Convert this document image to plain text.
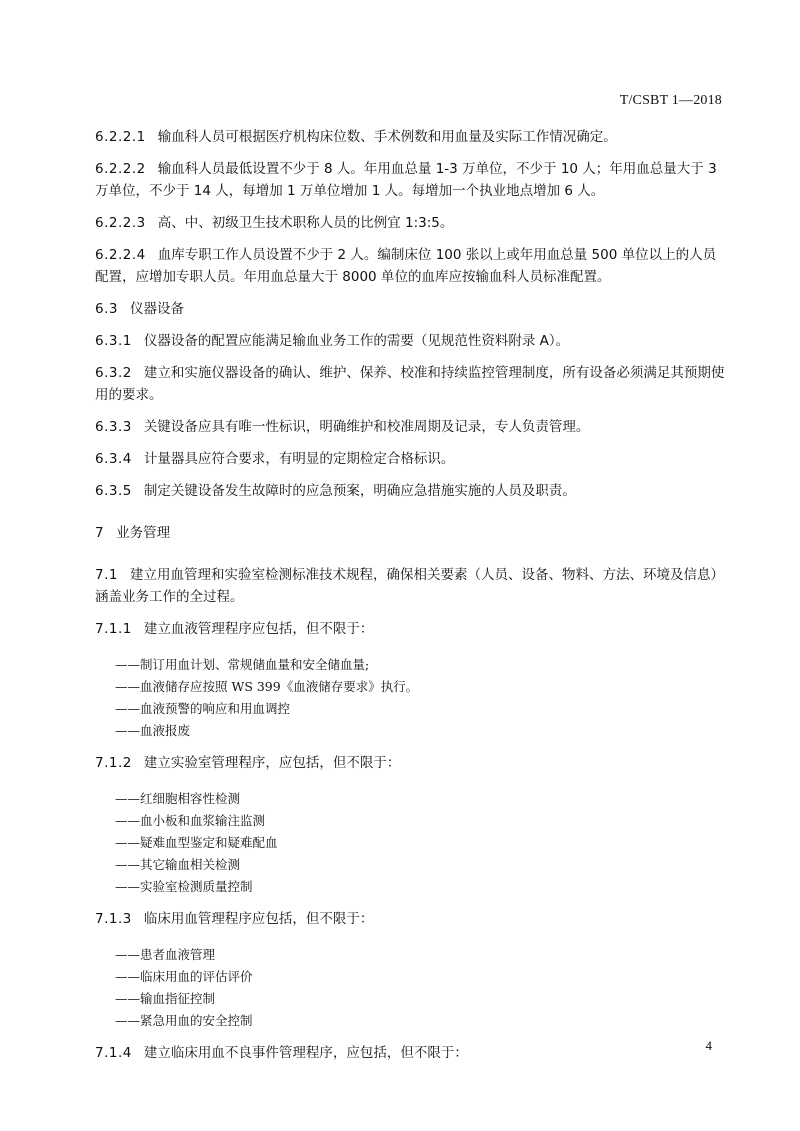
T/CSBT 1—2018

6.2.2.1 输血科人员可根据医疗机构床位数、手术例数和用血量及实际工作情况确定。

6.2.2.2 输血科人员最低设置不少于 8 人。年用血总量 1-3 万单位，不少于 10 人；年用血总量大于 3 万单位，不少于 14 人，每增加 1 万单位增加 1 人。每增加一个执业地点增加 6 人。

6.2.2.3 高、中、初级卫生技术职称人员的比例宜 1:3:5。

6.2.2.4 血库专职工作人员设置不少于 2 人。编制床位 100 张以上或年用血总量 500 单位以上的人员配置，应增加专职人员。年用血总量大于 8000 单位的血库应按输血科人员标准配置。

6.3 仪器设备

6.3.1 仪器设备的配置应能满足输血业务工作的需要（见规范性资料附录 A）。

6.3.2 建立和实施仪器设备的确认、维护、保养、校准和持续监控管理制度，所有设备必须满足其预期使用的要求。

6.3.3 关键设备应具有唯一性标识，明确维护和校准周期及记录，专人负责管理。

6.3.4 计量器具应符合要求，有明显的定期检定合格标识。

6.3.5 制定关键设备发生故障时的应急预案，明确应急措施实施的人员及职责。

7 业务管理

7.1 建立用血管理和实验室检测标准技术规程，确保相关要素（人员、设备、物料、方法、环境及信息）涵盖业务工作的全过程。

7.1.1 建立血液管理程序应包括，但不限于：

——制订用血计划、常规储血量和安全储血量;

——血液储存应按照 WS 399《血液储存要求》执行。

——血液预警的响应和用血调控

——血液报废

7.1.2 建立实验室管理程序，应包括，但不限于：

——红细胞相容性检测

——血小板和血浆输注监测

——疑难血型鉴定和疑难配血

——其它输血相关检测

——实验室检测质量控制

7.1.3 临床用血管理程序应包括，但不限于：

——患者血液管理

——临床用血的评估评价

——输血指征控制

——紧急用血的安全控制

7.1.4 建立临床用血不良事件管理程序，应包括，但不限于：	4
